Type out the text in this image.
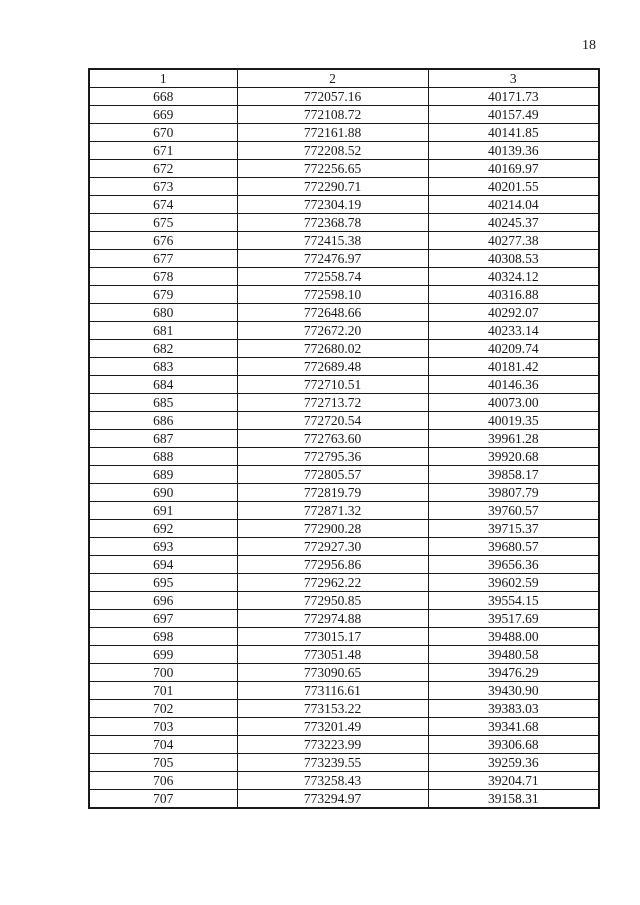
18
1	2	3
668	772057.16	40171.73
669	772108.72	40157.49
670	772161.88	40141.85
671	772208.52	40139.36
672	772256.65	40169.97
673	772290.71	40201.55
674	772304.19	40214.04
675	772368.78	40245.37
676	772415.38	40277.38
677	772476.97	40308.53
678	772558.74	40324.12
679	772598.10	40316.88
680	772648.66	40292.07
681	772672.20	40233.14
682	772680.02	40209.74
683	772689.48	40181.42
684	772710.51	40146.36
685	772713.72	40073.00
686	772720.54	40019.35
687	772763.60	39961.28
688	772795.36	39920.68
689	772805.57	39858.17
690	772819.79	39807.79
691	772871.32	39760.57
692	772900.28	39715.37
693	772927.30	39680.57
694	772956.86	39656.36
695	772962.22	39602.59
696	772950.85	39554.15
697	772974.88	39517.69
698	773015.17	39488.00
699	773051.48	39480.58
700	773090.65	39476.29
701	773116.61	39430.90
702	773153.22	39383.03
703	773201.49	39341.68
704	773223.99	39306.68
705	773239.55	39259.36
706	773258.43	39204.71
707	773294.97	39158.31
